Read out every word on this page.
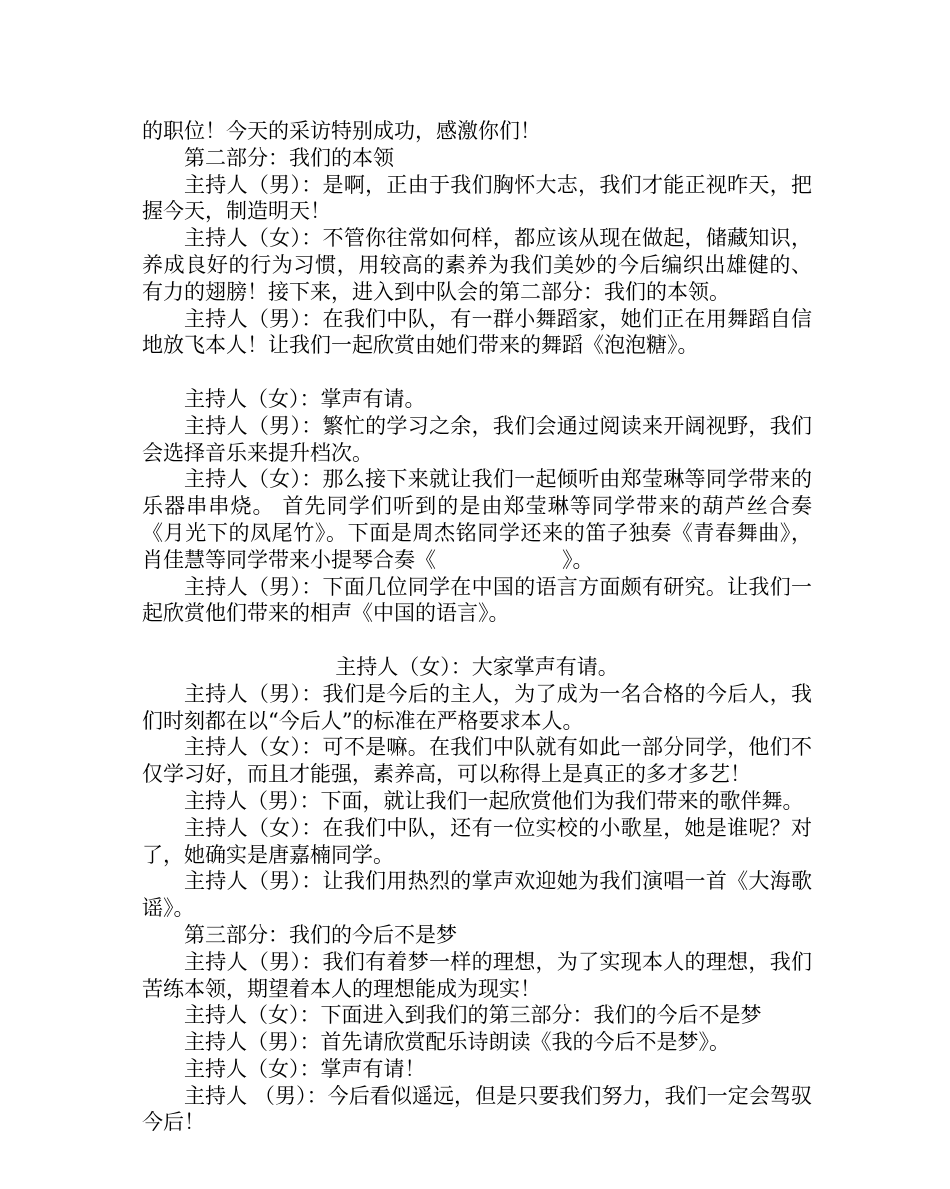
的职位！今天的采访特别成功，感激你们！

第二部分：我们的本领

主持人（男）：是啊，正由于我们胸怀大志，我们才能正视昨天，把握今天，制造明天！

主持人（女）：不管你往常如何样，都应该从现在做起，储藏知识，养成良好的行为习惯，用较高的素养为我们美妙的今后编织出雄健的、有力的翅膀！接下来，进入到中队会的第二部分：我们的本领。

主持人（男）：在我们中队，有一群小舞蹈家，她们正在用舞蹈自信地放飞本人！让我们一起欣赏由她们带来的舞蹈《泡泡糖》。

主持人（女）：掌声有请。

主持人（男）：繁忙的学习之余，我们会通过阅读来开阔视野，我们会选择音乐来提升档次。

主持人（女）：那么接下来就让我们一起倾听由郑莹琳等同学带来的乐器串串烧。 首先同学们听到的是由郑莹琳等同学带来的葫芦丝合奏《月光下的凤尾竹》。下面是周杰铭同学还来的笛子独奏《青春舞曲》，肖佳慧等同学带来小提琴合奏《　　　　　　》。

主持人（男）：下面几位同学在中国的语言方面颇有研究。让我们一起欣赏他们带来的相声《中国的语言》。

主持人（女）：大家掌声有请。

主持人（男）：我们是今后的主人，为了成为一名合格的今后人，我们时刻都在以“今后人”的标准在严格要求本人。

主持人（女）：可不是嘛。在我们中队就有如此一部分同学，他们不仅学习好，而且才能强，素养高，可以称得上是真正的多才多艺！

主持人（男）：下面，就让我们一起欣赏他们为我们带来的歌伴舞。

主持人（女）：在我们中队，还有一位实校的小歌星，她是谁呢？对了，她确实是唐嘉楠同学。

主持人（男）：让我们用热烈的掌声欢迎她为我们演唱一首《大海歌谣》。

第三部分：我们的今后不是梦

主持人（男）：我们有着梦一样的理想，为了实现本人的理想，我们苦练本领，期望着本人的理想能成为现实！

主持人（女）：下面进入到我们的第三部分：我们的今后不是梦

主持人（男）：首先请欣赏配乐诗朗读《我的今后不是梦》。

主持人（女）：掌声有请！

主持人 （男）：今后看似遥远，但是只要我们努力，我们一定会驾驭今后！
